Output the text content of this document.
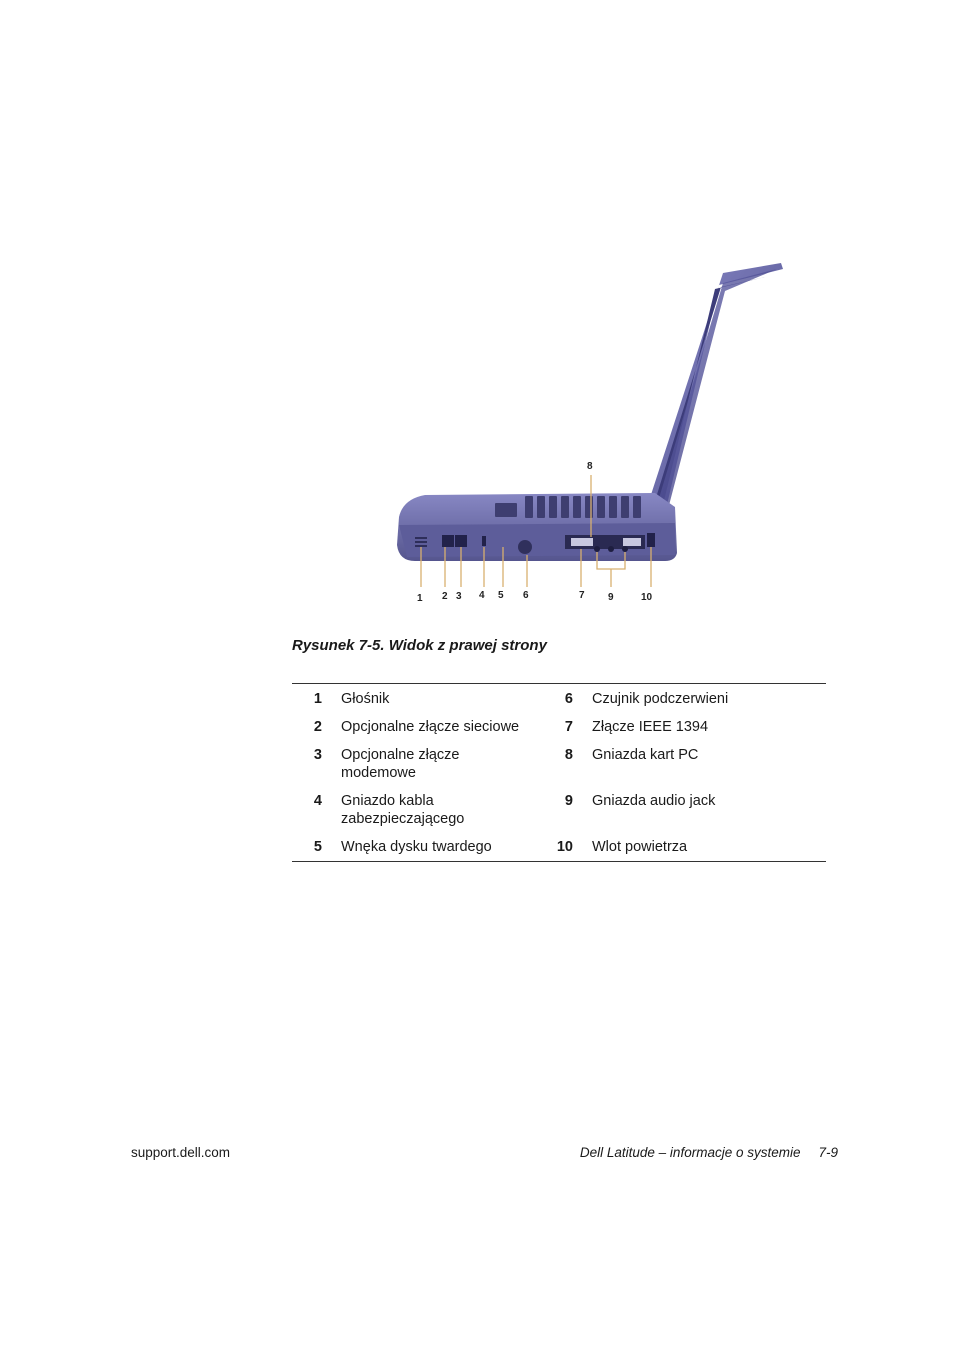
1 2 3 4 5 6	7
8
9	10
Rysunek 7-5. Widok z prawej strony
1	Głośnik	6	Czujnik podczerwieni
2	Opcjonalne złącze sieciowe	7	Złącze IEEE 1394
3	Opcjonalne złącze modemowe	8	Gniazda kart PC
4	Gniazdo kabla zabezpieczającego	9	Gniazda audio jack
5	Wnęka dysku twardego	10	Wlot powietrza
support.dell.com	Dell Latitude – informacje o systemie 7-9
